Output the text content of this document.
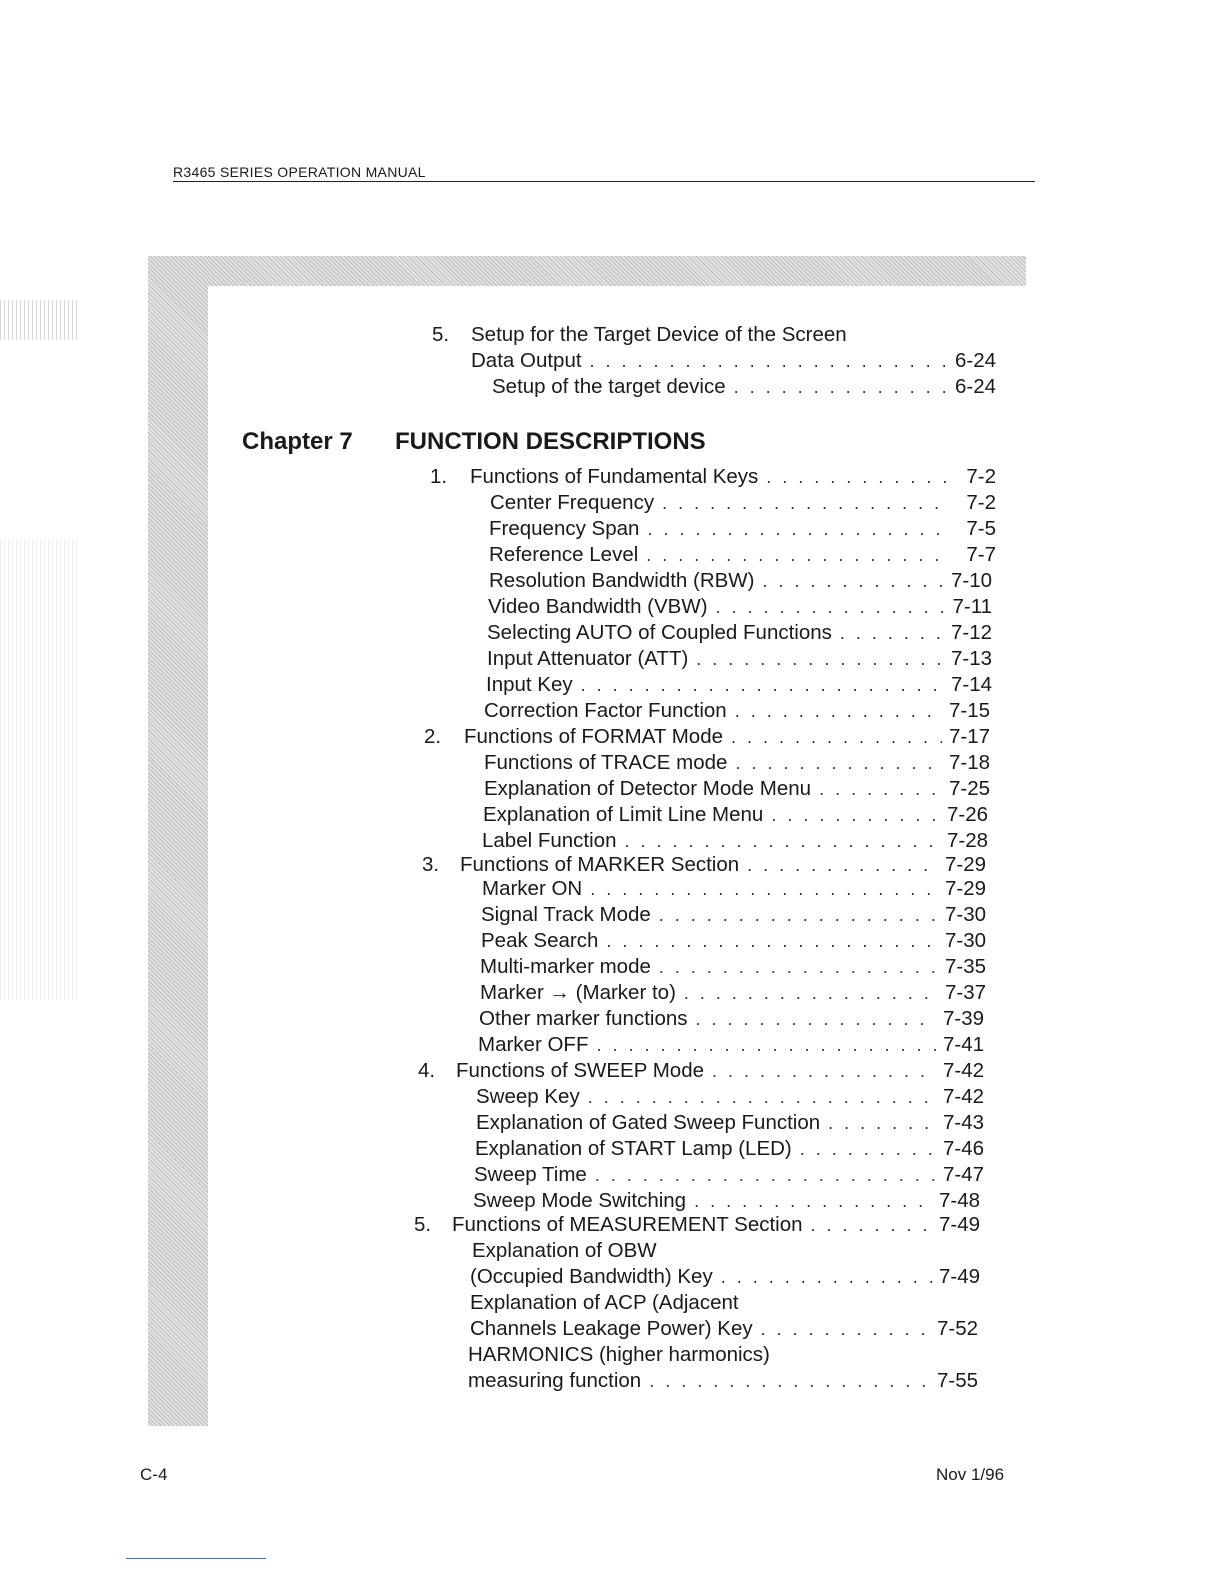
R3465 SERIES OPERATION MANUAL
Chapter 7	FUNCTION DESCRIPTIONS
5.	Setup for the Target Device of the Screen
Data Output . . .	6-24
Setup of the target device . . .	6-24
1.	Functions of Fundamental Keys . . .	7-2
Center Frequency . . .	7-2
Frequency Span . . .	7-5
Reference Level . . .	7-7
Resolution Bandwidth (RBW) . . .	7-10
Video Bandwidth (VBW) . . .	7-11
Selecting AUTO of Coupled Functions . . .	7-12
Input Attenuator (ATT) . . .	7-13
Input Key . . .	7-14
Correction Factor Function . . .	7-15
2.	Functions of FORMAT Mode . . .	7-17
Functions of TRACE mode . . .	7-18
Explanation of Detector Mode Menu . . .	7-25
Explanation of Limit Line Menu . . .	7-26
Label Function . . .	7-28
3.	Functions of MARKER Section . . .	7-29
Marker ON . . .	7-29
Signal Track Mode . . .	7-30
Peak Search . . .	7-30
Multi-marker mode . . .	7-35
Marker → (Marker to) . . .	7-37
Other marker functions . . .	7-39
Marker OFF . . .	7-41
4.	Functions of SWEEP Mode . . .	7-42
Sweep Key . . .	7-42
Explanation of Gated Sweep Function . . .	7-43
Explanation of START Lamp (LED) . . .	7-46
Sweep Time . . .	7-47
Sweep Mode Switching . . .	7-48
5.	Functions of MEASUREMENT Section . . .	7-49
Explanation of OBW
(Occupied Bandwidth) Key . . .	7-49
Explanation of ACP (Adjacent
Channels Leakage Power) Key . . .	7-52
HARMONICS (higher harmonics)
measuring function . . .	7-55
C-4	Nov 1/96
